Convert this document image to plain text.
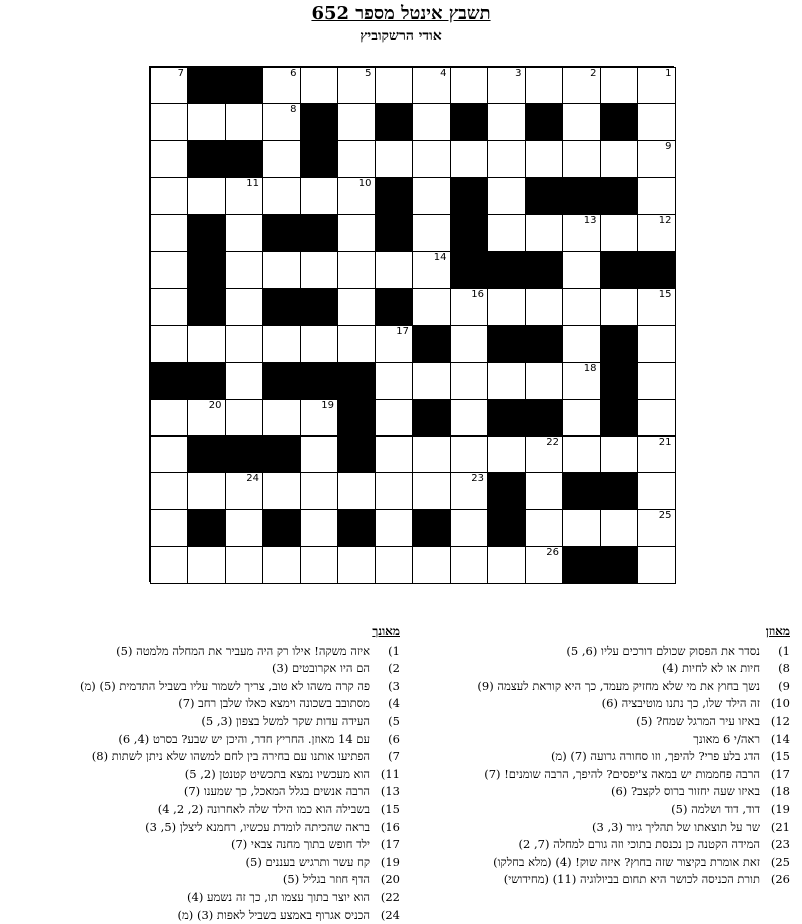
תשבץ אינטל מספר 652
אודי הרשקוביץ
7	6	5	4	3	2	1
8
9
11	10
13	12
14
16	15
17
18
20	19
22	21
24	23
25
26
מאוזן
1)נסדר את הפסוק שכולם דורכים עליו (6, 5)
8)חיות או לא לחיות (4)
9)נשך בחוץ את מי שלא מחזיק מעמד, כך היא קוראת לעצמה (9)
10)זה הילד שלו, כך נתנו מוטיבציה (6)
12)באיזו עיר המרגל שמח? (5)
14)ראה/י 6 מאונך
15)הדג בלע פרי? להיפך, וזו סחורה גרועה (7) (מ)
17)הרבה פחממות יש במאה צ'יפסים? להיפך, הרבה שומנים! (7)
18)באיזו שעה יחזור ברוס לקצב? (6)
19)דוד, דוד ושלמה (5)
21)שר על תוצאתו של תהליך גיור (3, 3)
23)המידה הקטנה כן נכנסת בתוכי וזה גורם למחלה (7, 2)
25)זאת אומרת בקיצור שזה בחוץ? איזה שוק! (4) (מלא בחלקו)
26)תורת הכניסה לכושר היא תחום בביולוגיה (11) (מחידושי)
מאונך
1)איזה משקה! אילו רק היה מעביר את המחלה מלמטה (5)
2)הם היו אקרובטים (3)
3)פה קרה משהו לא טוב, צריך לשמור עליו בשביל התדמית (5) (מ)
4)מסתובב בשכונה וימצא כאלו שלבן רחב (7)
5)העידה עדות שקר למשל בצפון (3, 5)
6)עם 14 מאוזן. החריץ חדר, והיכן יש שבע? בסרט (4, 6)
7)הפתיעו אותנו עם בחירה בין לחם למשהו שלא ניתן לשתות (8)
11)הוא מעכשיו נמצא בתכשיט קטנטן (2, 5)
13)הרבה אנשים בגלל המאכל, כך שמענו (7)
15)בשבילה הוא כמו הילד שלה לאחרונה (2, 2, 4)
16)בראה שהכיתה לומדת עכשיו, רחמנא ליצלן (5, 3)
17)ילד חופש בתוך מחנה צבאי (7)
19)קח עשר ותרגיש בעננים (5)
20)הדף חוזר בגליל (5)
22)הוא יוצר בתוך עצמו תו, כך זה נשמע (4)
24)הכניס אגרוף באמצע בשביל לאפות (3) (מ)
